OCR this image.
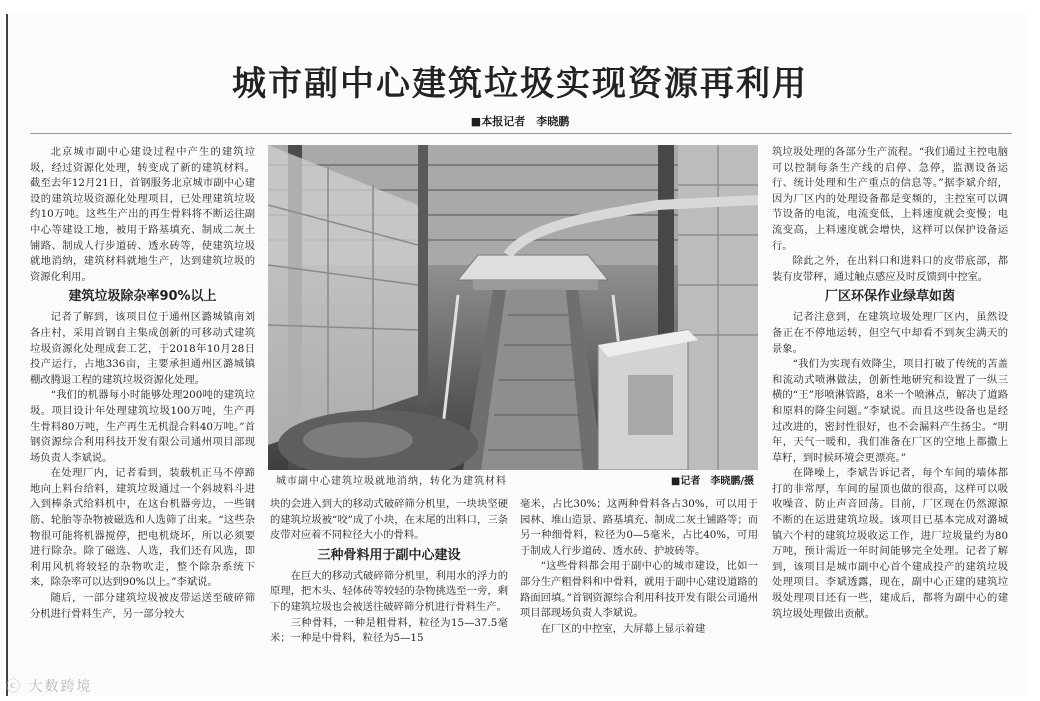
城市副中心建筑垃圾实现资源再利用
■本报记者　李晓鹏

北京城市副中心建设过程中产生的建筑垃圾，经过资源化处理，转变成了新的建筑材料。截至去年12月21日，首钢服务北京城市副中心建设的建筑垃圾资源化处理项目，已处理建筑垃圾约10万吨。这些生产出的再生骨料将不断运往副中心等建设工地，被用于路基填充、制成二灰土铺路、制成人行步道砖、透水砖等，使建筑垃圾就地消纳，建筑材料就地生产，达到建筑垃圾的资源化利用。

建筑垃圾除杂率90%以上

记者了解到，该项目位于通州区潞城镇南刘各庄村，采用首钢自主集成创新的可移动式建筑垃圾资源化处理成套工艺，于2018年10月28日投产运行，占地336亩，主要承担通州区潞城镇棚改腾退工程的建筑垃圾资源化处理。

“我们的机器每小时能够处理200吨的建筑垃圾。项目设计年处理建筑垃圾100万吨，生产再生骨料80万吨，生产再生无机混合料40万吨。”首钢资源综合利用科技开发有限公司通州项目部现场负责人李斌说。

在处理厂内，记者看到，装载机正马不停蹄地向上料台给料，建筑垃圾通过一个斜坡料斗进入到棒条式给料机中，在这台机器旁边，一些钢筋、轮胎等杂物被磁选和人选筛了出来。“这些杂物很可能将机器搅停，把电机烧坏，所以必须要进行除杂。除了磁选、人选，我们还有风选，即利用风机将较轻的杂物吹走，整个除杂系统下来，除杂率可以达到90%以上。”李斌说。

随后，一部分建筑垃圾被皮带运送至破碎筛分机进行骨料生产，另一部分较大

城市副中心建筑垃圾就地消纳，转化为建筑材料	■记者　李晓鹏/摄

块的会进入到大的移动式破碎筛分机里，一块块坚硬的建筑垃圾被“咬”成了小块，在末尾的出料口，三条皮带对应着不同粒径大小的骨料。

三种骨料用于副中心建设

在巨大的移动式破碎筛分机里，利用水的浮力的原理，把木头、轻体砖等较轻的杂物挑选至一旁，剩下的建筑垃圾也会被送往破碎筛分机进行骨料生产。

三种骨料，一种是粗骨料，粒径为15—37.5毫米；一种是中骨料，粒径为5—15

毫米，占比30%；这两种骨料各占30%，可以用于园林、堆山造景、路基填充、制成二灰土铺路等；而另一种细骨料，粒径为0—5毫米，占比40%，可用于制成人行步道砖、透水砖、护坡砖等。

“这些骨料都会用于副中心的城市建设，比如一部分生产粗骨料和中骨料，就用于副中心建设道路的路面回填。”首钢资源综合利用科技开发有限公司通州项目部现场负责人李斌说。

在厂区的中控室，大屏幕上显示着建

筑垃圾处理的各部分生产流程。“我们通过主控电脑可以控制每条生产线的启停、急停，监测设备运行、统计处理和生产重点的信息等。”据李斌介绍，因为厂区内的处理设备都是变频的，主控室可以调节设备的电流，电流变低，上料速度就会变慢；电流变高，上料速度就会增快，这样可以保护设备运行。

除此之外，在出料口和进料口的皮带底部，都装有皮带秤，通过触点感应及时反馈到中控室。

厂区环保作业绿草如茵

记者注意到，在建筑垃圾处理厂区内，虽然设备正在不停地运转，但空气中却看不到灰尘满天的景象。

“我们为实现有效降尘，项目打破了传统的苫盖和流动式喷淋做法，创新性地研究和设置了一纵三横的“王”形喷淋管路，8米一个喷淋点，解决了道路和原料的降尘问题。”李斌说。而且这些设备也是经过改进的，密封性很好，也不会漏料产生扬尘。“明年，天气一暖和，我们准备在厂区的空地上都撒上草籽，到时候环境会更漂亮。”

在降噪上，李斌告诉记者，每个车间的墙体都打的非常厚，车间的屋顶也做的很高，这样可以吸收噪音、防止声音回荡。目前，厂区现在仍然源源不断的在运进建筑垃圾。该项目已基本完成对潞城镇六个村的建筑垃圾收运工作，进厂垃圾量约为80万吨，预计需近一年时间能够完全处理。记者了解到，该项目是城市副中心首个建成投产的建筑垃圾处理项目。李斌透露，现在，副中心正建的建筑垃圾处理项目还有一些，建成后，都将为副中心的建筑垃圾处理做出贡献。

ⓒ 大数跨境
